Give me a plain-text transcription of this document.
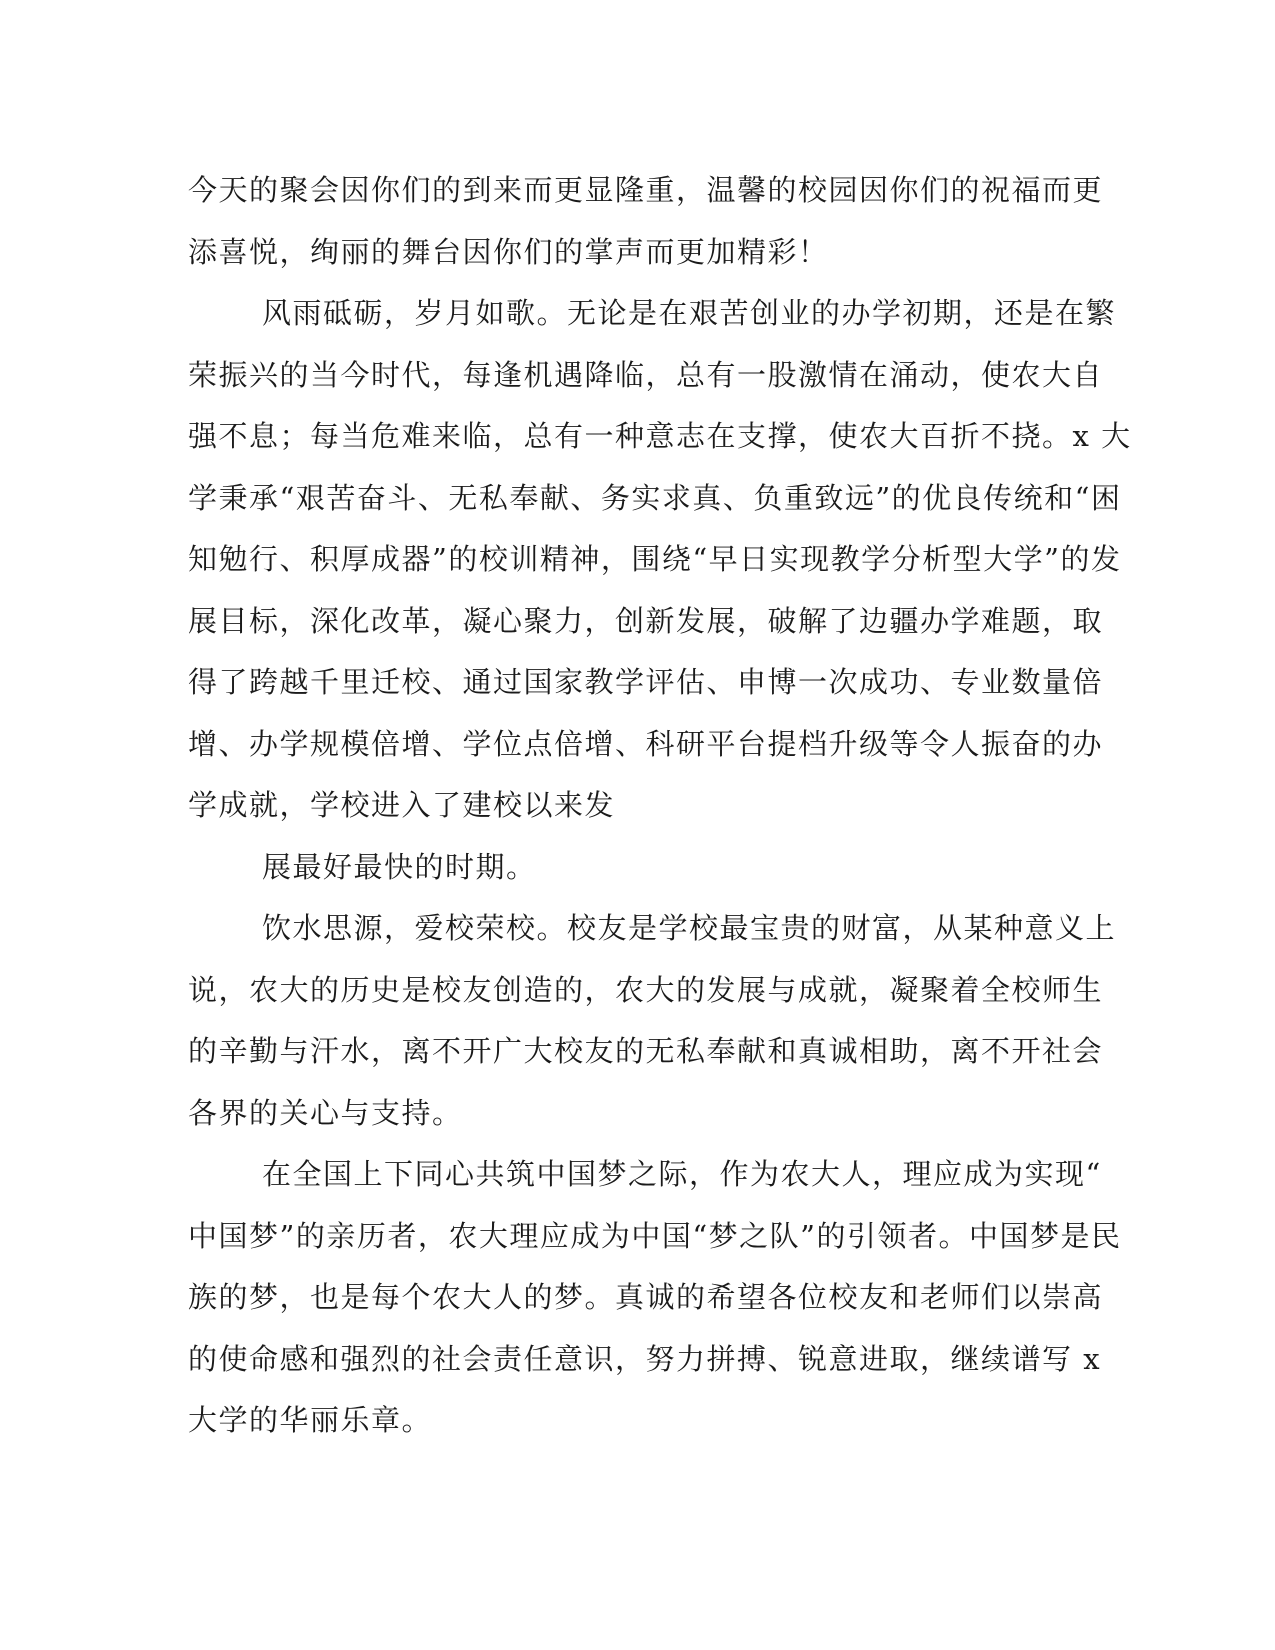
今天的聚会因你们的到来而更显隆重，温馨的校园因你们的祝福而更
添喜悦，绚丽的舞台因你们的掌声而更加精彩！
风雨砥砺，岁月如歌。无论是在艰苦创业的办学初期，还是在繁
荣振兴的当今时代，每逢机遇降临，总有一股激情在涌动，使农大自
强不息；每当危难来临，总有一种意志在支撑，使农大百折不挠。x 大
学秉承“艰苦奋斗、无私奉献、务实求真、负重致远”的优良传统和“困
知勉行、积厚成器”的校训精神，围绕“早日实现教学分析型大学”的发
展目标，深化改革，凝心聚力，创新发展，破解了边疆办学难题，取
得了跨越千里迁校、通过国家教学评估、申博一次成功、专业数量倍
增、办学规模倍增、学位点倍增、科研平台提档升级等令人振奋的办
学成就，学校进入了建校以来发
展最好最快的时期。
饮水思源，爱校荣校。校友是学校最宝贵的财富，从某种意义上
说，农大的历史是校友创造的，农大的发展与成就，凝聚着全校师生
的辛勤与汗水，离不开广大校友的无私奉献和真诚相助，离不开社会
各界的关心与支持。
在全国上下同心共筑中国梦之际，作为农大人，理应成为实现“
中国梦”的亲历者，农大理应成为中国“梦之队”的引领者。中国梦是民
族的梦，也是每个农大人的梦。真诚的希望各位校友和老师们以崇高
的使命感和强烈的社会责任意识，努力拼搏、锐意进取，继续谱写 x
大学的华丽乐章。
